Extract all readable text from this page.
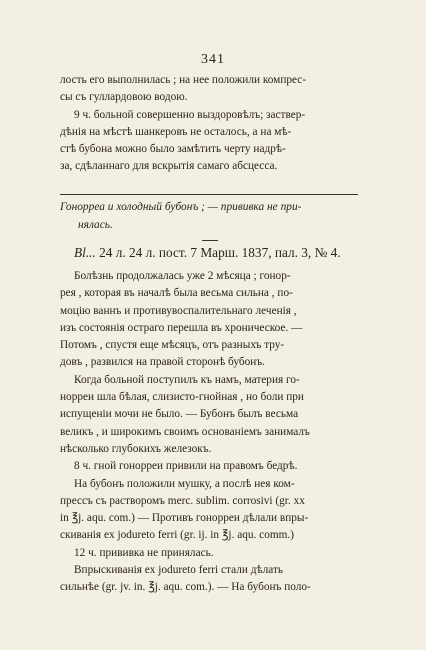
341
лость его выполнилась ; на нее положили компрес-
сы съ гуллардовою водою.
9 ч. больной совершенно выздоровѣлъ; заствер-
дѣнія на мѣстѣ шанкеровъ не осталось, а на мѣ-
стѣ бубона можно было замѣтить черту надрѣ-
за, сдѣланнаго для вскрытія самаго абсцесса.
Гонорреа и холодный бубонъ ; — прививка не при-
нялась.
Bl... 24 л. 24 л. пост. 7 Марш. 1837, пал. 3, № 4.
Болѣзнь продолжалась уже 2 мѣсяца ; гонор-
рея , которая въ началѣ была весьма сильна , по-
моцію ваннъ и противувоспалительнаго леченія ,
изъ состоянія остраго перешла въ хроническое. —
Потомъ , спустя еще мѣсяцъ, отъ разныхъ тру-
довъ , развился на правой сторонѣ бубонъ.
Когда больной поступилъ къ намъ, материя го-
норреи шла бѣлая, слизисто-гнойная , но боли при
испущеніи мочи не было. — Бубонъ былъ весьма
великъ , и широкимъ своимъ основаніемъ занималъ
нѣсколько глубокихъ железокъ.
8 ч. гной гонорреи привили на правомъ бедрѣ.
На бубонъ положили мушку, а послѣ нея ком-
прессъ съ растворомъ merc. sublim. corrosivi (gr. xx
in ℥j. aqu. com.) — Противъ гонорреи дѣлали впры-
скиванія ex jodureto ferri (gr. ij. in ℥j. aqu. comm.)
12 ч. прививка не принялась.
Впрыскиванія ex jodureto ferri стали дѣлать
сильнѣе (gr. jv. in. ℥j. aqu. com.). — На бубонъ поло-
